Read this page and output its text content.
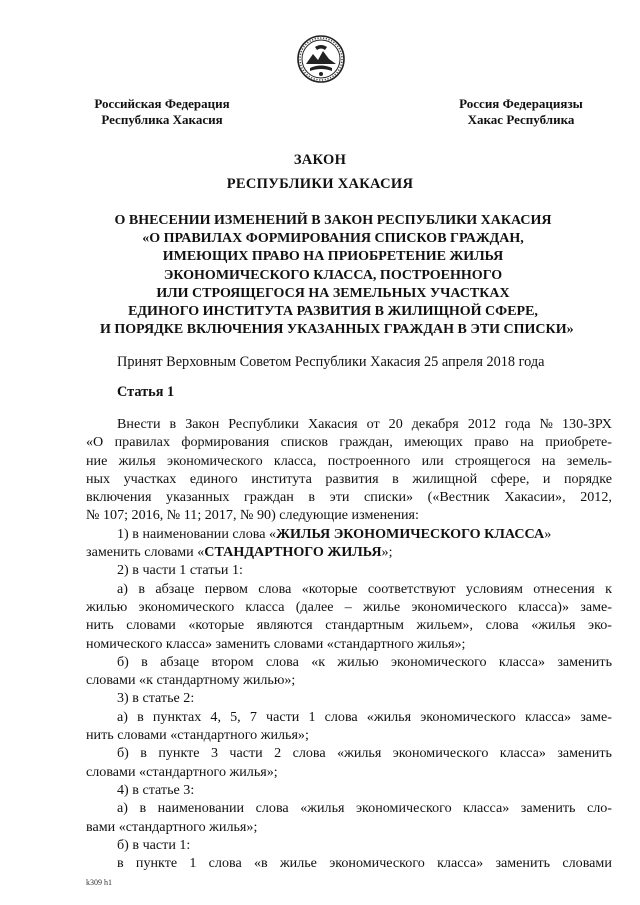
Российская Федерация
Республика Хакасия
Россия Федерациязы
Хакас Республика
ЗАКОН
РЕСПУБЛИКИ ХАКАСИЯ
О ВНЕСЕНИИ ИЗМЕНЕНИЙ В ЗАКОН РЕСПУБЛИКИ ХАКАСИЯ
«О ПРАВИЛАХ ФОРМИРОВАНИЯ СПИСКОВ ГРАЖДАН,
ИМЕЮЩИХ ПРАВО НА ПРИОБРЕТЕНИЕ ЖИЛЬЯ
ЭКОНОМИЧЕСКОГО КЛАССА, ПОСТРОЕННОГО
ИЛИ СТРОЯЩЕГОСЯ НА ЗЕМЕЛЬНЫХ УЧАСТКАХ
ЕДИНОГО ИНСТИТУТА РАЗВИТИЯ В ЖИЛИЩНОЙ СФЕРЕ,
И ПОРЯДКЕ ВКЛЮЧЕНИЯ УКАЗАННЫХ ГРАЖДАН В ЭТИ СПИСКИ»
Принят Верховным Советом Республики Хакасия 25 апреля 2018 года
Статья 1
Внести в Закон Республики Хакасия от 20 декабря 2012 года № 130-ЗРХ
«О правилах формирования списков граждан, имеющих право на приобрете-
ние жилья экономического класса, построенного или строящегося на земель-
ных участках единого института развития в жилищной сфере, и порядке
включения указанных граждан в эти списки» («Вестник Хакасии», 2012,
№ 107; 2016, № 11; 2017, № 90) следующие изменения:
1) в наименовании слова « ЖИЛЬЯ ЭКОНОМИЧЕСКОГО КЛАССА »
заменить словами « СТАНДАРТНОГО ЖИЛЬЯ »;
2) в части 1 статьи 1:
а) в абзаце первом слова «которые соответствуют условиям отнесения к
жилью экономического класса (далее – жилье экономического класса)» заме-
нить словами «которые являются стандартным жильем», слова «жилья эко-
номического класса» заменить словами «стандартного жилья»;
б) в абзаце втором слова «к жилью экономического класса» заменить
словами «к стандартному жилью»;
3) в статье 2:
а) в пунктах 4, 5, 7 части 1 слова «жилья экономического класса» заме-
нить словами «стандартного жилья»;
б) в пункте 3 части 2 слова «жилья экономического класса» заменить
словами «стандартного жилья»;
4) в статье 3:
а) в наименовании слова «жилья экономического класса» заменить сло-
вами «стандартного жилья»;
б) в части 1:
в пункте 1 слова «в жилье экономического класса» заменить словами
k309 h1
